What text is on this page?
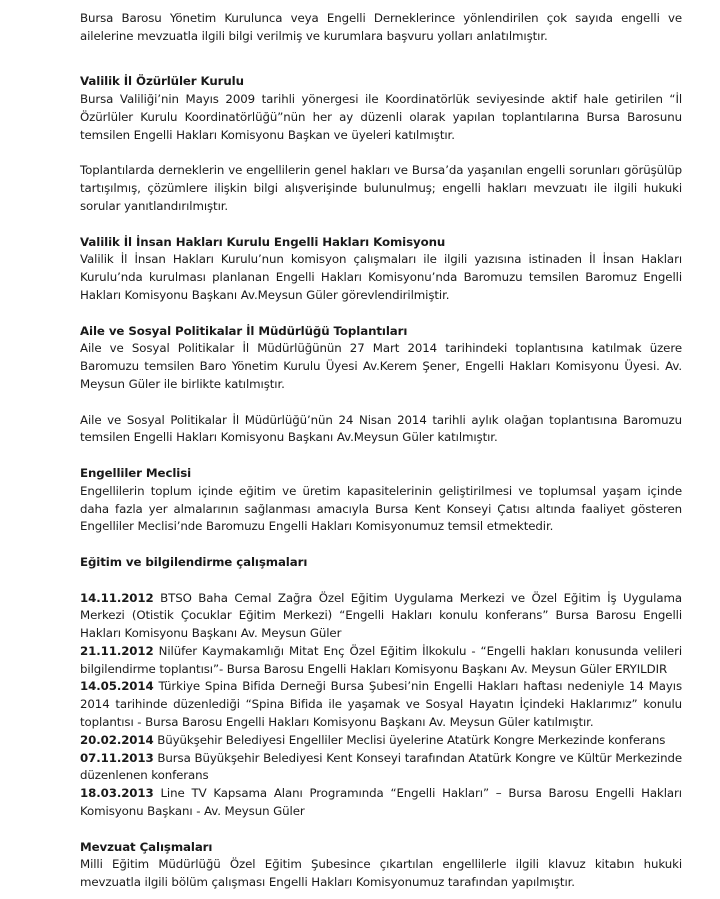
Bursa Barosu Yönetim Kurulunca veya Engelli Derneklerince yönlendirilen çok sayıda engelli ve ailelerine mevzuatla ilgili bilgi verilmiş ve kurumlara başvuru yolları anlatılmıştır.

Valilik İl Özürlüler Kurulu

Bursa Valiliği’nin Mayıs 2009 tarihli yönergesi ile Koordinatörlük seviyesinde aktif hale getirilen “İl Özürlüler Kurulu Koordinatörlüğü”nün her ay düzenli olarak yapılan toplantılarına Bursa Barosunu temsilen Engelli Hakları Komisyonu Başkan ve üyeleri katılmıştır.

Toplantılarda derneklerin ve engellilerin genel hakları ve Bursa’da yaşanılan engelli sorunları görüşülüp tartışılmış, çözümlere ilişkin bilgi alışverişinde bulunulmuş; engelli hakları mevzuatı ile ilgili hukuki sorular yanıtlandırılmıştır.

Valilik İl İnsan Hakları Kurulu Engelli Hakları Komisyonu

Valilik İl İnsan Hakları Kurulu’nun komisyon çalışmaları ile ilgili yazısına istinaden İl İnsan Hakları Kurulu’nda kurulması planlanan Engelli Hakları Komisyonu’nda Baromuzu temsilen Baromuz Engelli Hakları Komisyonu Başkanı Av.Meysun Güler görevlendirilmiştir.

Aile ve Sosyal Politikalar İl Müdürlüğü Toplantıları

Aile ve Sosyal Politikalar İl Müdürlüğünün 27 Mart 2014 tarihindeki toplantısına katılmak üzere Baromuzu temsilen Baro Yönetim Kurulu Üyesi Av.Kerem Şener, Engelli Hakları Komisyonu Üyesi. Av. Meysun Güler ile birlikte katılmıştır.

Aile ve Sosyal Politikalar İl Müdürlüğü’nün 24 Nisan 2014 tarihli aylık olağan toplantısına Baromuzu temsilen Engelli Hakları Komisyonu Başkanı Av.Meysun Güler katılmıştır.

Engelliler Meclisi

Engellilerin toplum içinde eğitim ve üretim kapasitelerinin geliştirilmesi ve toplumsal yaşam içinde daha fazla yer almalarının sağlanması amacıyla Bursa Kent Konseyi Çatısı altında faaliyet gösteren Engelliler Meclisi’nde Baromuzu Engelli Hakları Komisyonumuz temsil etmektedir.

Eğitim ve bilgilendirme çalışmaları

14.11.2012 BTSO Baha Cemal Zağra Özel Eğitim Uygulama Merkezi ve Özel Eğitim İş Uygulama Merkezi (Otistik Çocuklar Eğitim Merkezi) “Engelli Hakları konulu konferans” Bursa Barosu Engelli Hakları Komisyonu Başkanı Av. Meysun Güler

21.11.2012 Nilüfer Kaymakamlığı Mitat Enç Özel Eğitim İlkokulu - “Engelli hakları konusunda velileri bilgilendirme toplantısı”- Bursa Barosu Engelli Hakları Komisyonu Başkanı Av. Meysun Güler ERYILDIR

14.05.2014 Türkiye Spina Bifida Derneği Bursa Şubesi’nin Engelli Hakları haftası nedeniyle 14 Mayıs 2014 tarihinde düzenlediği “Spina Bifida ile yaşamak ve Sosyal Hayatın İçindeki Haklarımız” konulu toplantısı - Bursa Barosu Engelli Hakları Komisyonu Başkanı Av. Meysun Güler katılmıştır.

20.02.2014 Büyükşehir Belediyesi Engelliler Meclisi üyelerine Atatürk Kongre Merkezinde konferans

07.11.2013 Bursa Büyükşehir Belediyesi Kent Konseyi tarafından Atatürk Kongre ve Kültür Merkezinde düzenlenen konferans

18.03.2013 Line TV Kapsama Alanı Programında “Engelli Hakları” – Bursa Barosu Engelli Hakları Komisyonu Başkanı - Av. Meysun Güler

Mevzuat Çalışmaları

Milli Eğitim Müdürlüğü Özel Eğitim Şubesince çıkartılan engellilerle ilgili klavuz kitabın hukuki mevzuatla ilgili bölüm çalışması Engelli Hakları Komisyonumuz tarafından yapılmıştır.
